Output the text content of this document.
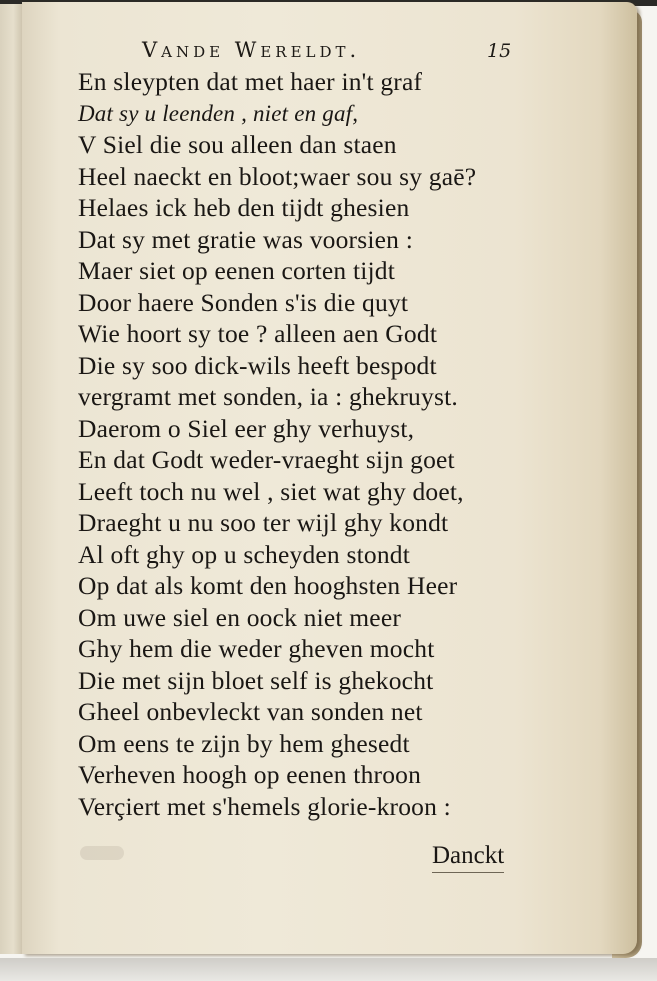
Vande Wereldt.	15
En sleypten dat met haer in't graf
Dat sy u leenden , niet en gaf,
V Siel die sou alleen dan staen
Heel naeckt en bloot;waer sou sy gaē?
Helaes ick heb den tijdt ghesien
Dat sy met gratie was voorsien :
Maer siet op eenen corten tijdt
Door haere Sonden s'is die quyt
Wie hoort sy toe ? alleen aen Godt
Die sy soo dick-wils heeft bespodt
vergramt met sonden, ia : ghekruyst.
Daerom o Siel eer ghy verhuyst,
En dat Godt weder-vraeght sijn goet
Leeft toch nu wel , siet wat ghy doet,
Draeght u nu soo ter wijl ghy kondt
Al oft ghy op u scheyden stondt
Op dat als komt den hooghsten Heer
Om uwe siel en oock niet meer
Ghy hem die weder gheven mocht
Die met sijn bloet self is ghekocht
Gheel onbevleckt van sonden net
Om eens te zijn by hem ghesedt
Verheven hoogh op eenen throon
Verçiert met s'hemels glorie-kroon :
Danckt
